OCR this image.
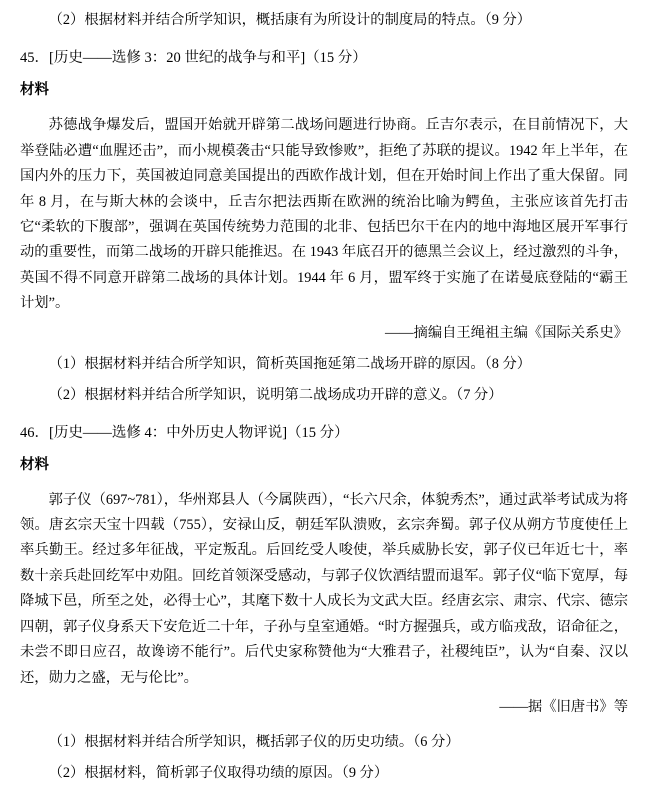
（2）根据材料并结合所学知识，概括康有为所设计的制度局的特点。（9 分）
45．[历史——选修 3：20 世纪的战争与和平]（15 分）
材料
苏德战争爆发后，盟国开始就开辟第二战场问题进行协商。丘吉尔表示，在目前情况下，大举登陆必遭“血腥还击”，而小规模袭击“只能导致惨败”，拒绝了苏联的提议。1942 年上半年，在国内外的压力下，英国被迫同意美国提出的西欧作战计划，但在开始时间上作出了重大保留。同年 8 月，在与斯大林的会谈中，丘吉尔把法西斯在欧洲的统治比喻为鳄鱼，主张应该首先打击它“柔软的下腹部”，强调在英国传统势力范围的北非、包括巴尔干在内的地中海地区展开军事行动的重要性，而第二战场的开辟只能推迟。在 1943 年底召开的德黑兰会议上，经过激烈的斗争，英国不得不同意开辟第二战场的具体计划。1944 年 6 月，盟军终于实施了在诺曼底登陆的“霸王计划”。
——摘编自王绳祖主编《国际关系史》
（1）根据材料并结合所学知识，简析英国拖延第二战场开辟的原因。（8 分）
（2）根据材料并结合所学知识，说明第二战场成功开辟的意义。（7 分）
46．[历史——选修 4：中外历史人物评说]（15 分）
材料
郭子仪（697~781），华州郑县人（今属陕西），“长六尺余，体貌秀杰”，通过武举考试成为将领。唐玄宗天宝十四载（755），安禄山反，朝廷军队溃败，玄宗奔蜀。郭子仪从朔方节度使任上率兵勤王。经过多年征战，平定叛乱。后回纥受人唆使，举兵威胁长安，郭子仪已年近七十，率数十亲兵赴回纥军中劝阻。回纥首领深受感动，与郭子仪饮酒结盟而退军。郭子仪“临下宽厚，每降城下邑，所至之处，必得士心”，其麾下数十人成长为文武大臣。经唐玄宗、肃宗、代宗、德宗四朝，郭子仪身系天下安危近二十年，子孙与皇室通婚。“时方握强兵，或方临戎敌，诏命征之，未尝不即日应召，故谗谤不能行”。后代史家称赞他为“大雅君子，社稷纯臣”，认为“自秦、汉以还，勋力之盛，无与伦比”。
——据《旧唐书》等
（1）根据材料并结合所学知识，概括郭子仪的历史功绩。（6 分）
（2）根据材料，简析郭子仪取得功绩的原因。（9 分）
